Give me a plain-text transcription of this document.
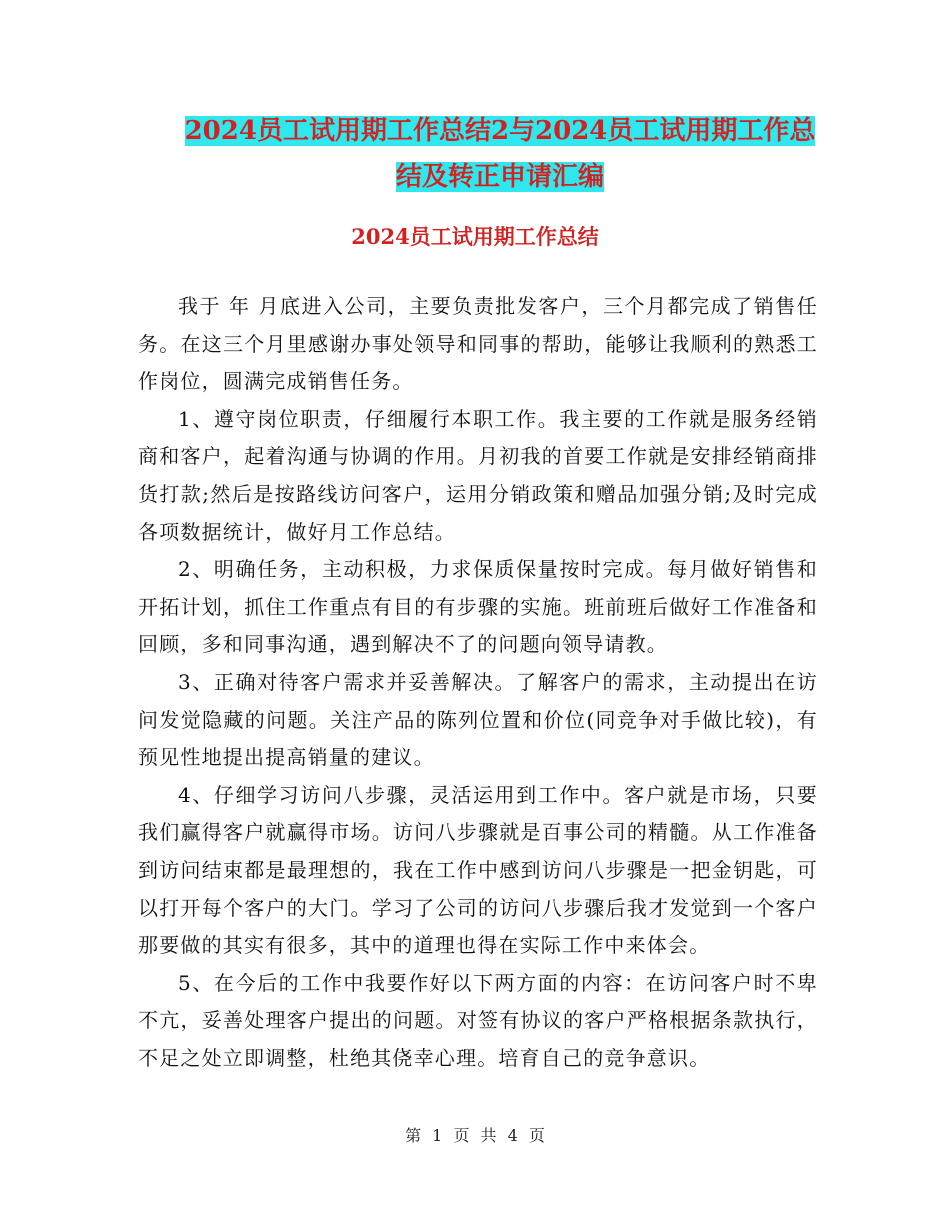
2024员工试用期工作总结2与2024员工试用期工作总
结及转正申请汇编
2024员工试用期工作总结

我于 年 月底进入公司，主要负责批发客户，三个月都完成了销售任务。在这三个月里感谢办事处领导和同事的帮助，能够让我顺利的熟悉工作岗位，圆满完成销售任务。

1、遵守岗位职责，仔细履行本职工作。我主要的工作就是服务经销商和客户，起着沟通与协调的作用。月初我的首要工作就是安排经销商排货打款;然后是按路线访问客户，运用分销政策和赠品加强分销;及时完成各项数据统计，做好月工作总结。

2、明确任务，主动积极，力求保质保量按时完成。每月做好销售和开拓计划，抓住工作重点有目的有步骤的实施。班前班后做好工作准备和回顾，多和同事沟通，遇到解决不了的问题向领导请教。

3、正确对待客户需求并妥善解决。了解客户的需求，主动提出在访问发觉隐藏的问题。关注产品的陈列位置和价位(同竞争对手做比较)，有预见性地提出提高销量的建议。

4、仔细学习访问八步骤，灵活运用到工作中。客户就是市场，只要我们赢得客户就赢得市场。访问八步骤就是百事公司的精髓。从工作准备到访问结束都是最理想的，我在工作中感到访问八步骤是一把金钥匙，可以打开每个客户的大门。学习了公司的访问八步骤后我才发觉到一个客户那要做的其实有很多，其中的道理也得在实际工作中来体会。

5、在今后的工作中我要作好以下两方面的内容：在访问客户时不卑不亢，妥善处理客户提出的问题。对签有协议的客户严格根据条款执行，不足之处立即调整，杜绝其侥幸心理。培育自己的竞争意识。

第 1 页 共 4 页
